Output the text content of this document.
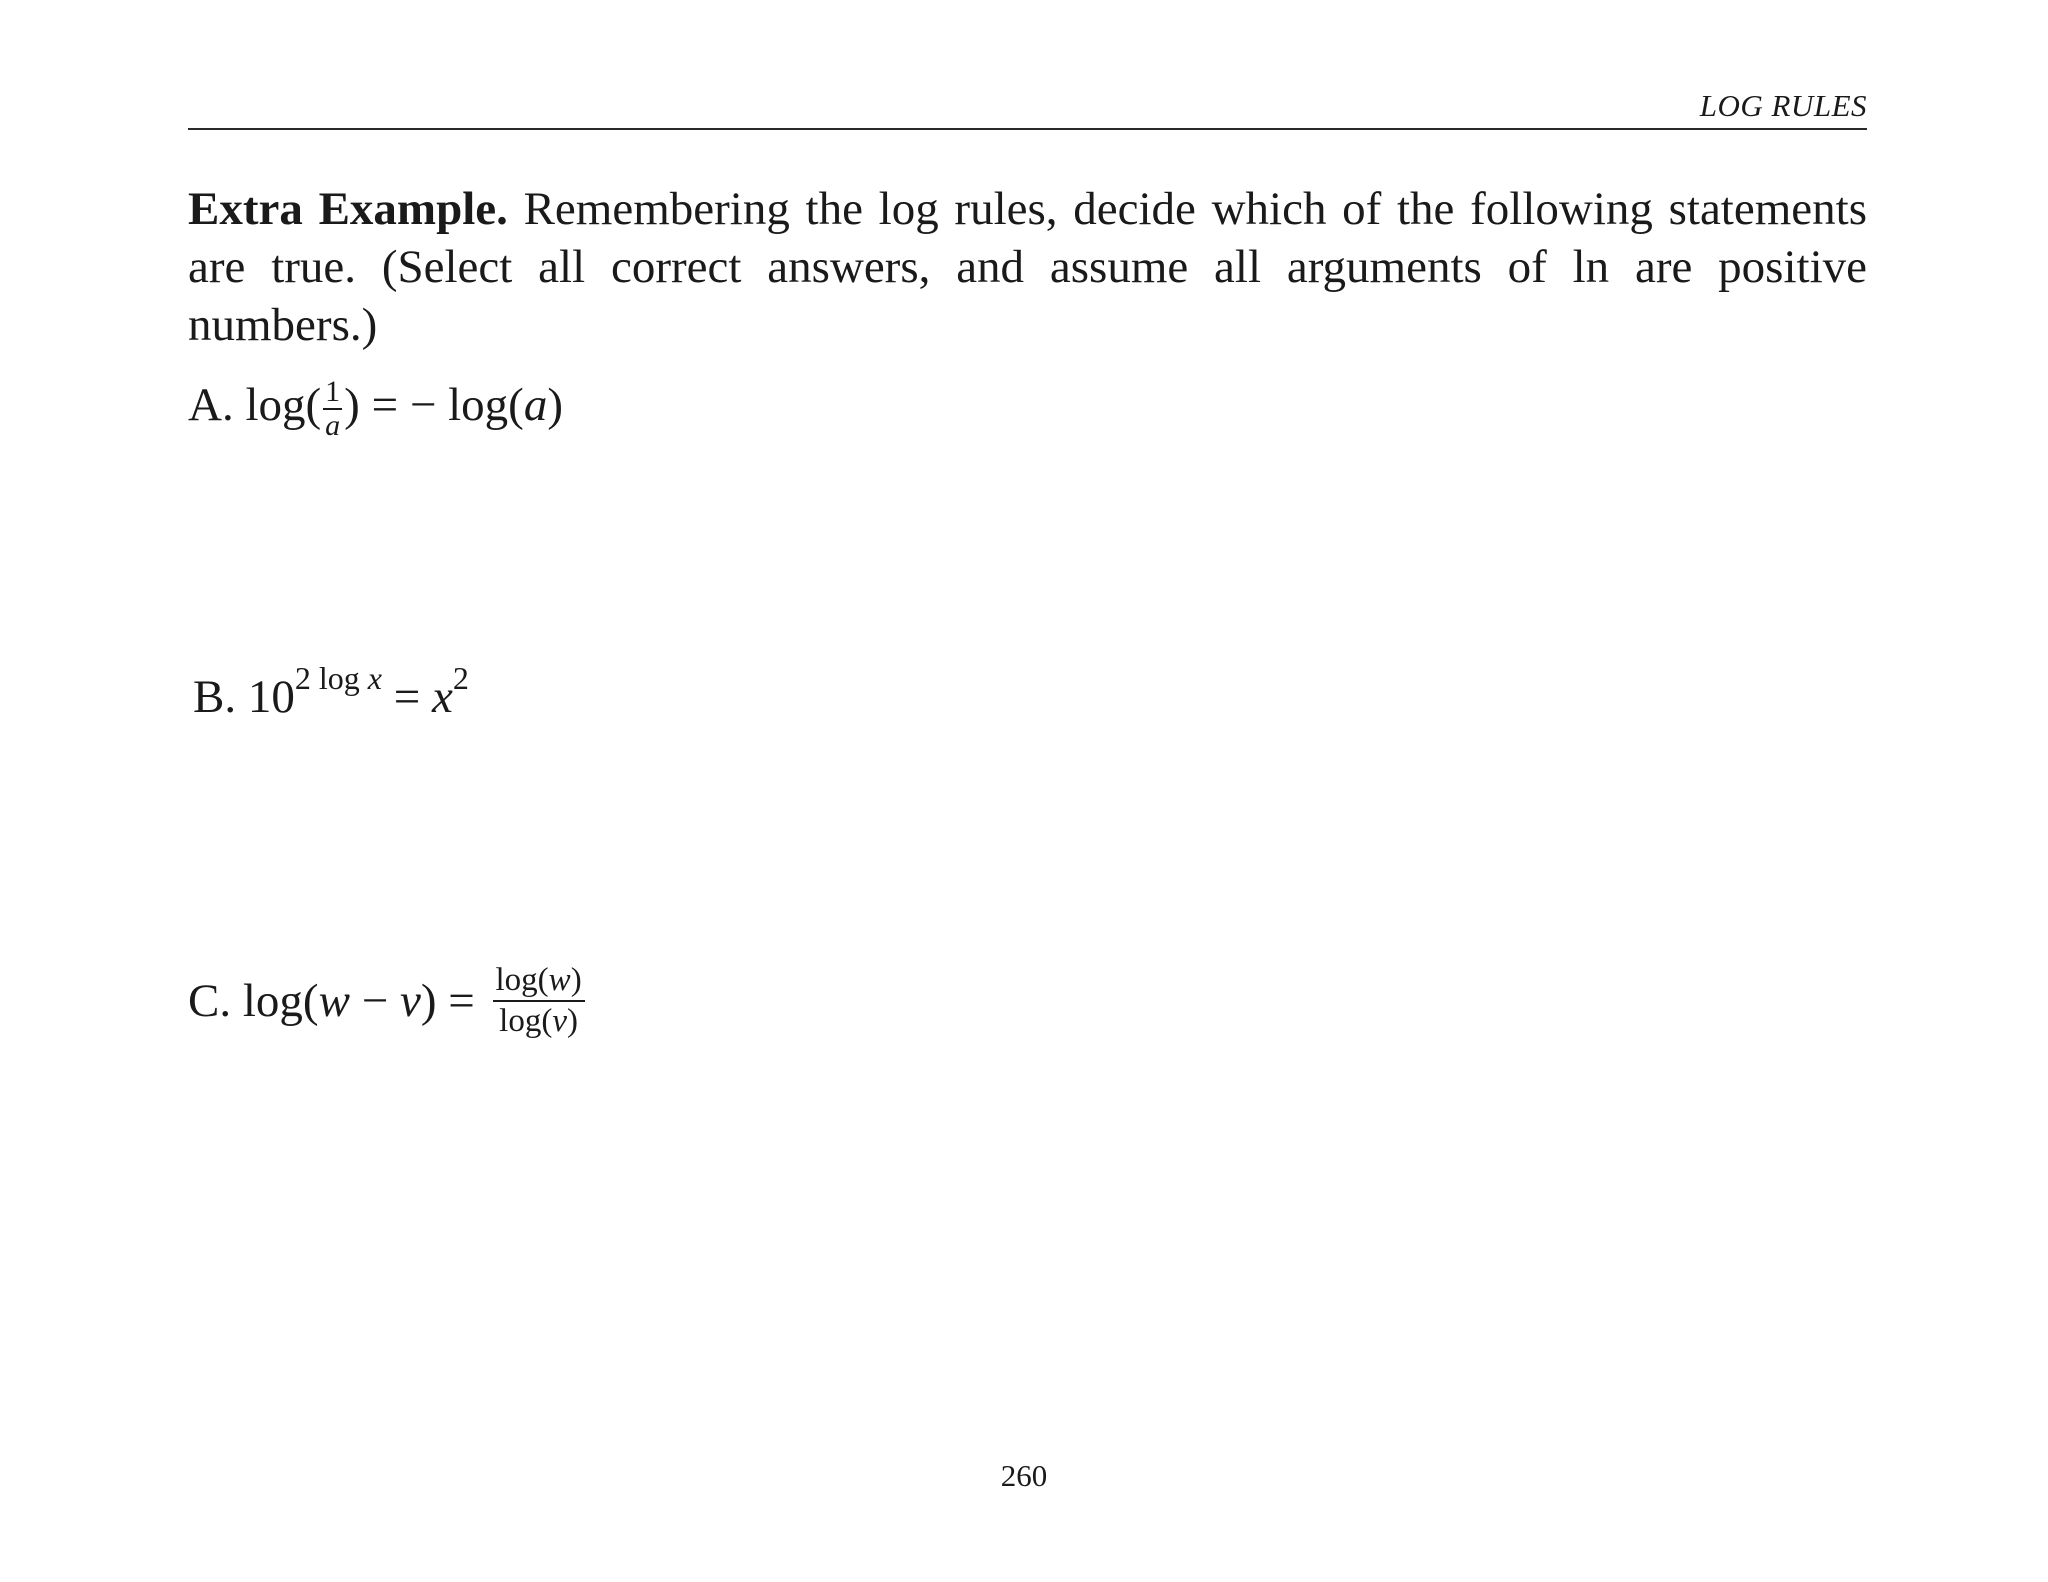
LOG RULES
Extra Example. Remembering the log rules, decide which of the following statements are true. (Select all correct answers, and assume all arguments of ln are positive numbers.)
A. $\log( \frac{1}{a}$ ) = − log(a)
B. $10^{2 log x} = x^2$
C. $\log(w - v) = \frac{\log(w)}{\log(v)}$
260
